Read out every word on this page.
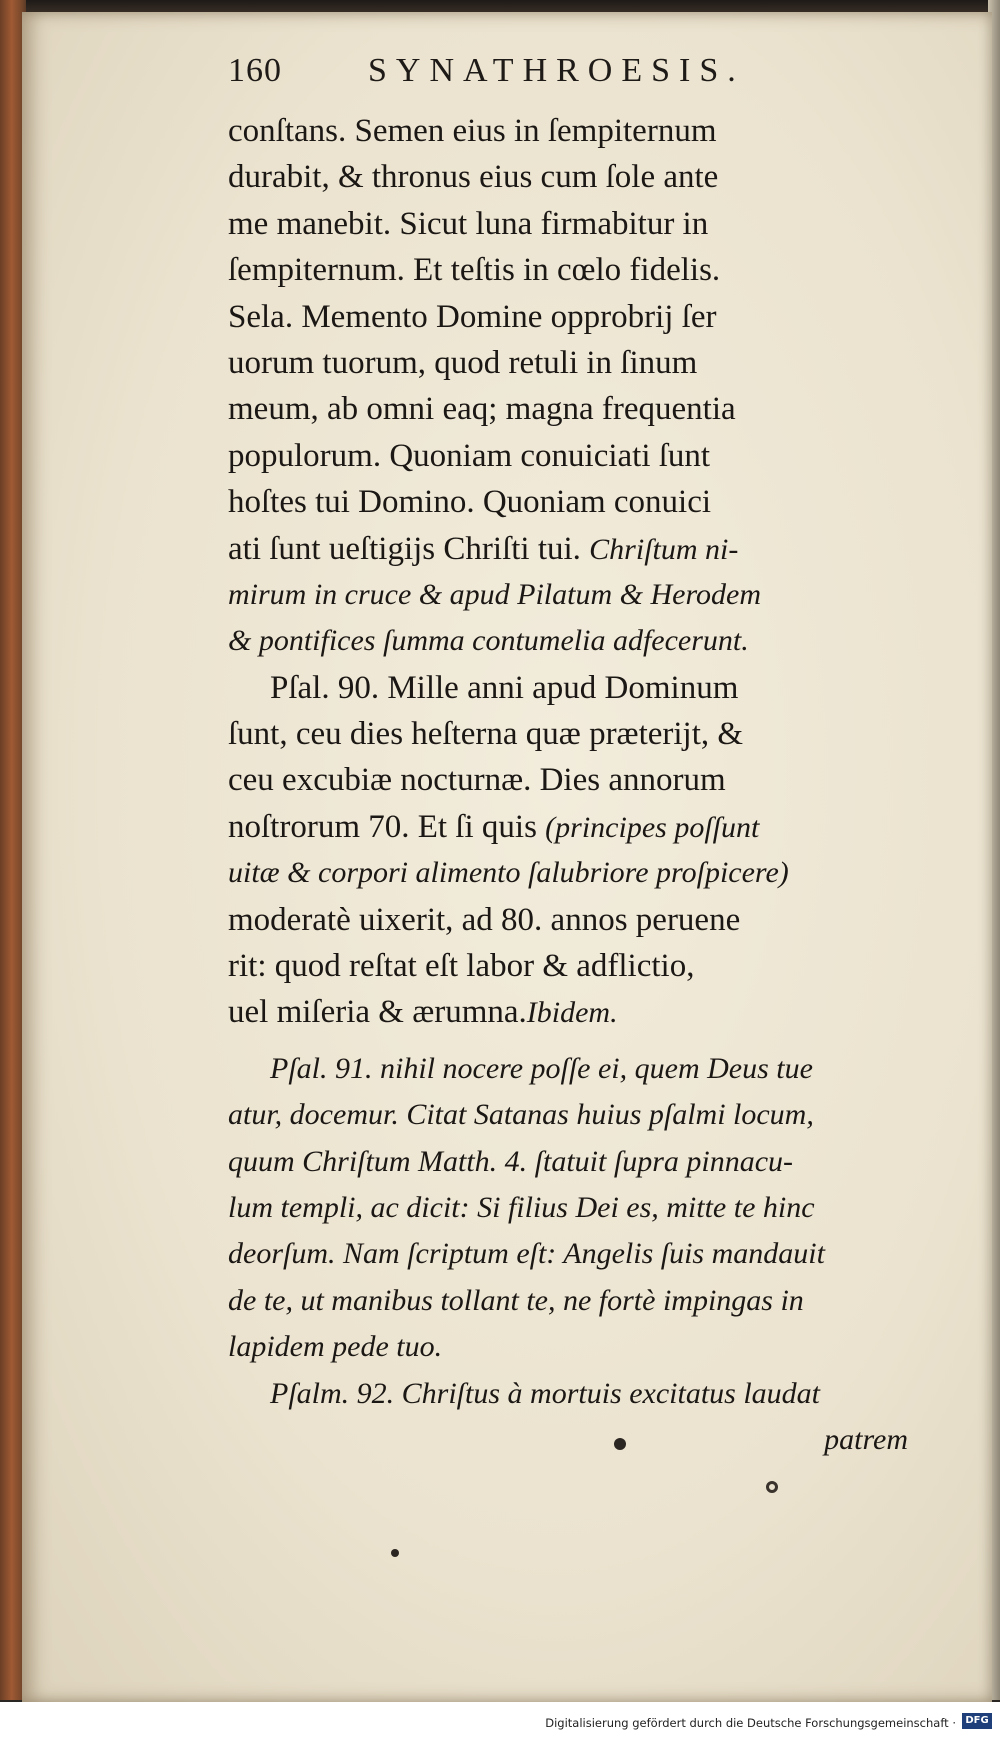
160	SYNATHROESIS.
conſtans. Semen eius in ſempiternum
durabit, & thronus eius cum ſole ante
me manebit. Sicut luna firmabitur in
ſempiternum. Et teſtis in cœlo fidelis.
Sela. Memento Domine opprobrij ſer
uorum tuorum, quod retuli in ſinum
meum, ab omni eaq; magna frequentia
populorum. Quoniam conuiciati ſunt
hoſtes tui Domino. Quoniam conuici
ati ſunt ueſtigijs Chriſti tui. Chriſtum ni-
mirum in cruce & apud Pilatum & Herodem
& pontifices ſumma contumelia adfecerunt.
Pſal. 90. Mille anni apud Dominum
ſunt, ceu dies heſterna quæ præterijt, &
ceu excubiæ nocturnæ. Dies annorum
noſtrorum 70. Et ſi quis (principes poſſunt
uitæ & corpori alimento ſalubriore proſpicere)
moderatè uixerit, ad 80. annos peruene
rit: quod reſtat eſt labor & adflictio,
uel miſeria & ærumna.Ibidem.
Pſal. 91. nihil nocere poſſe ei, quem Deus tue
atur, docemur. Citat Satanas huius pſalmi locum,
quum Chriſtum Matth. 4. ſtatuit ſupra pinnacu-
lum templi, ac dicit: Si filius Dei es, mitte te hinc
deorſum. Nam ſcriptum eſt: Angelis ſuis mandauit
de te, ut manibus tollant te, ne fortè impingas in
lapidem pede tuo.
Pſalm. 92. Chriſtus à mortuis excitatus laudat
patrem
Digitalisierung gefördert durch die Deutsche Forschungsgemeinschaft · DFG
